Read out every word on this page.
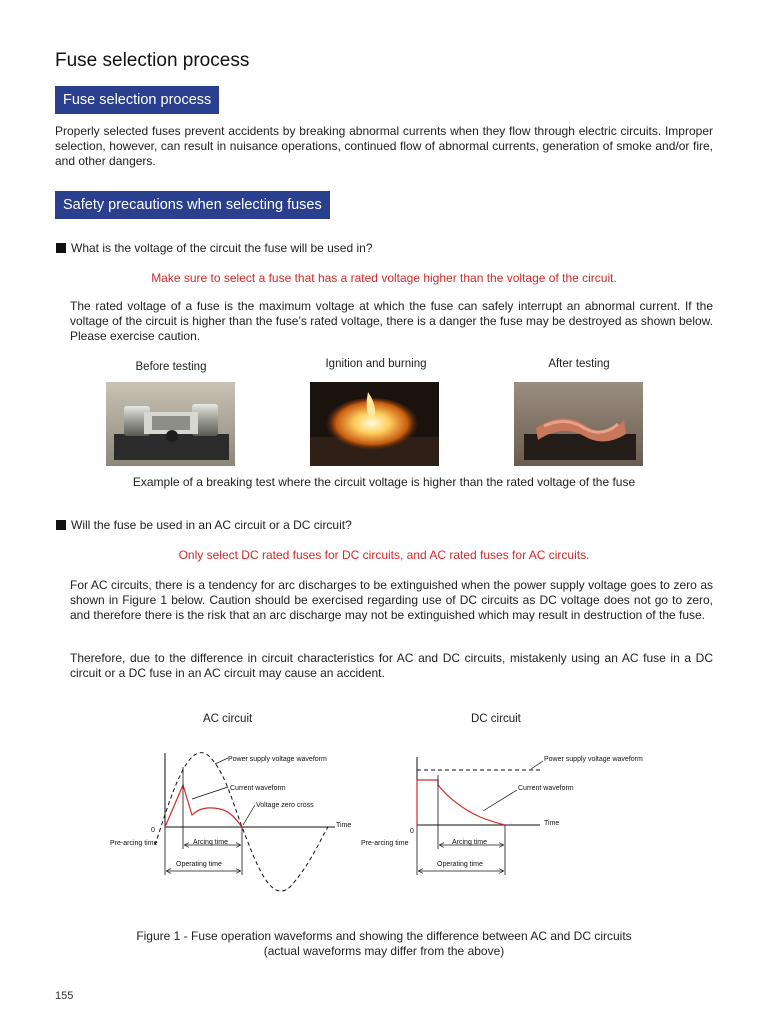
Fuse selection process
Fuse selection process
Properly selected fuses prevent accidents by breaking abnormal currents when they flow through electric circuits. Improper selection, however, can result in nuisance operations, continued flow of abnormal currents, generation of smoke and/or fire, and other dangers.
Safety precautions when selecting fuses
What is the voltage of the circuit the fuse will be used in?
Make sure to select a fuse that has a rated voltage higher than the voltage of the circuit.
The rated voltage of a fuse is the maximum voltage at which the fuse can safely interrupt an abnormal current. If the voltage of the circuit is higher than the fuse’s rated voltage, there is a danger the fuse may be destroyed as shown below. Please exercise caution.
Before testing	Ignition and burning	After testing
Example of a breaking test where the circuit voltage is higher than the rated voltage of the fuse
Will the fuse be used in an AC circuit or a DC circuit?
Only select DC rated fuses for DC circuits, and AC rated fuses for AC circuits.
For AC circuits, there is a tendency for arc discharges to be extinguished when the power supply voltage goes to zero as shown in Figure 1 below. Caution should be exercised regarding use of DC circuits as DC voltage does not go to zero, and therefore there is the risk that an arc discharge may not be extinguished which may result in destruction of the fuse.
Therefore, due to the difference in circuit characteristics for AC and DC circuits, mistakenly using an AC fuse in a DC circuit or a DC fuse in an AC circuit may cause an accident.
AC circuit	DC circuit
Power supply voltage waveform
Current waveform
Voltage zero cross
Time
0
Pre-arcing time	Arcing time
Operating time
Power supply voltage waveform
Current waveform
Time
0
Pre-arcing time	Arcing time
Operating time
Figure 1 - Fuse operation waveforms and showing the difference between AC and DC circuits
(actual waveforms may differ from the above)
155
